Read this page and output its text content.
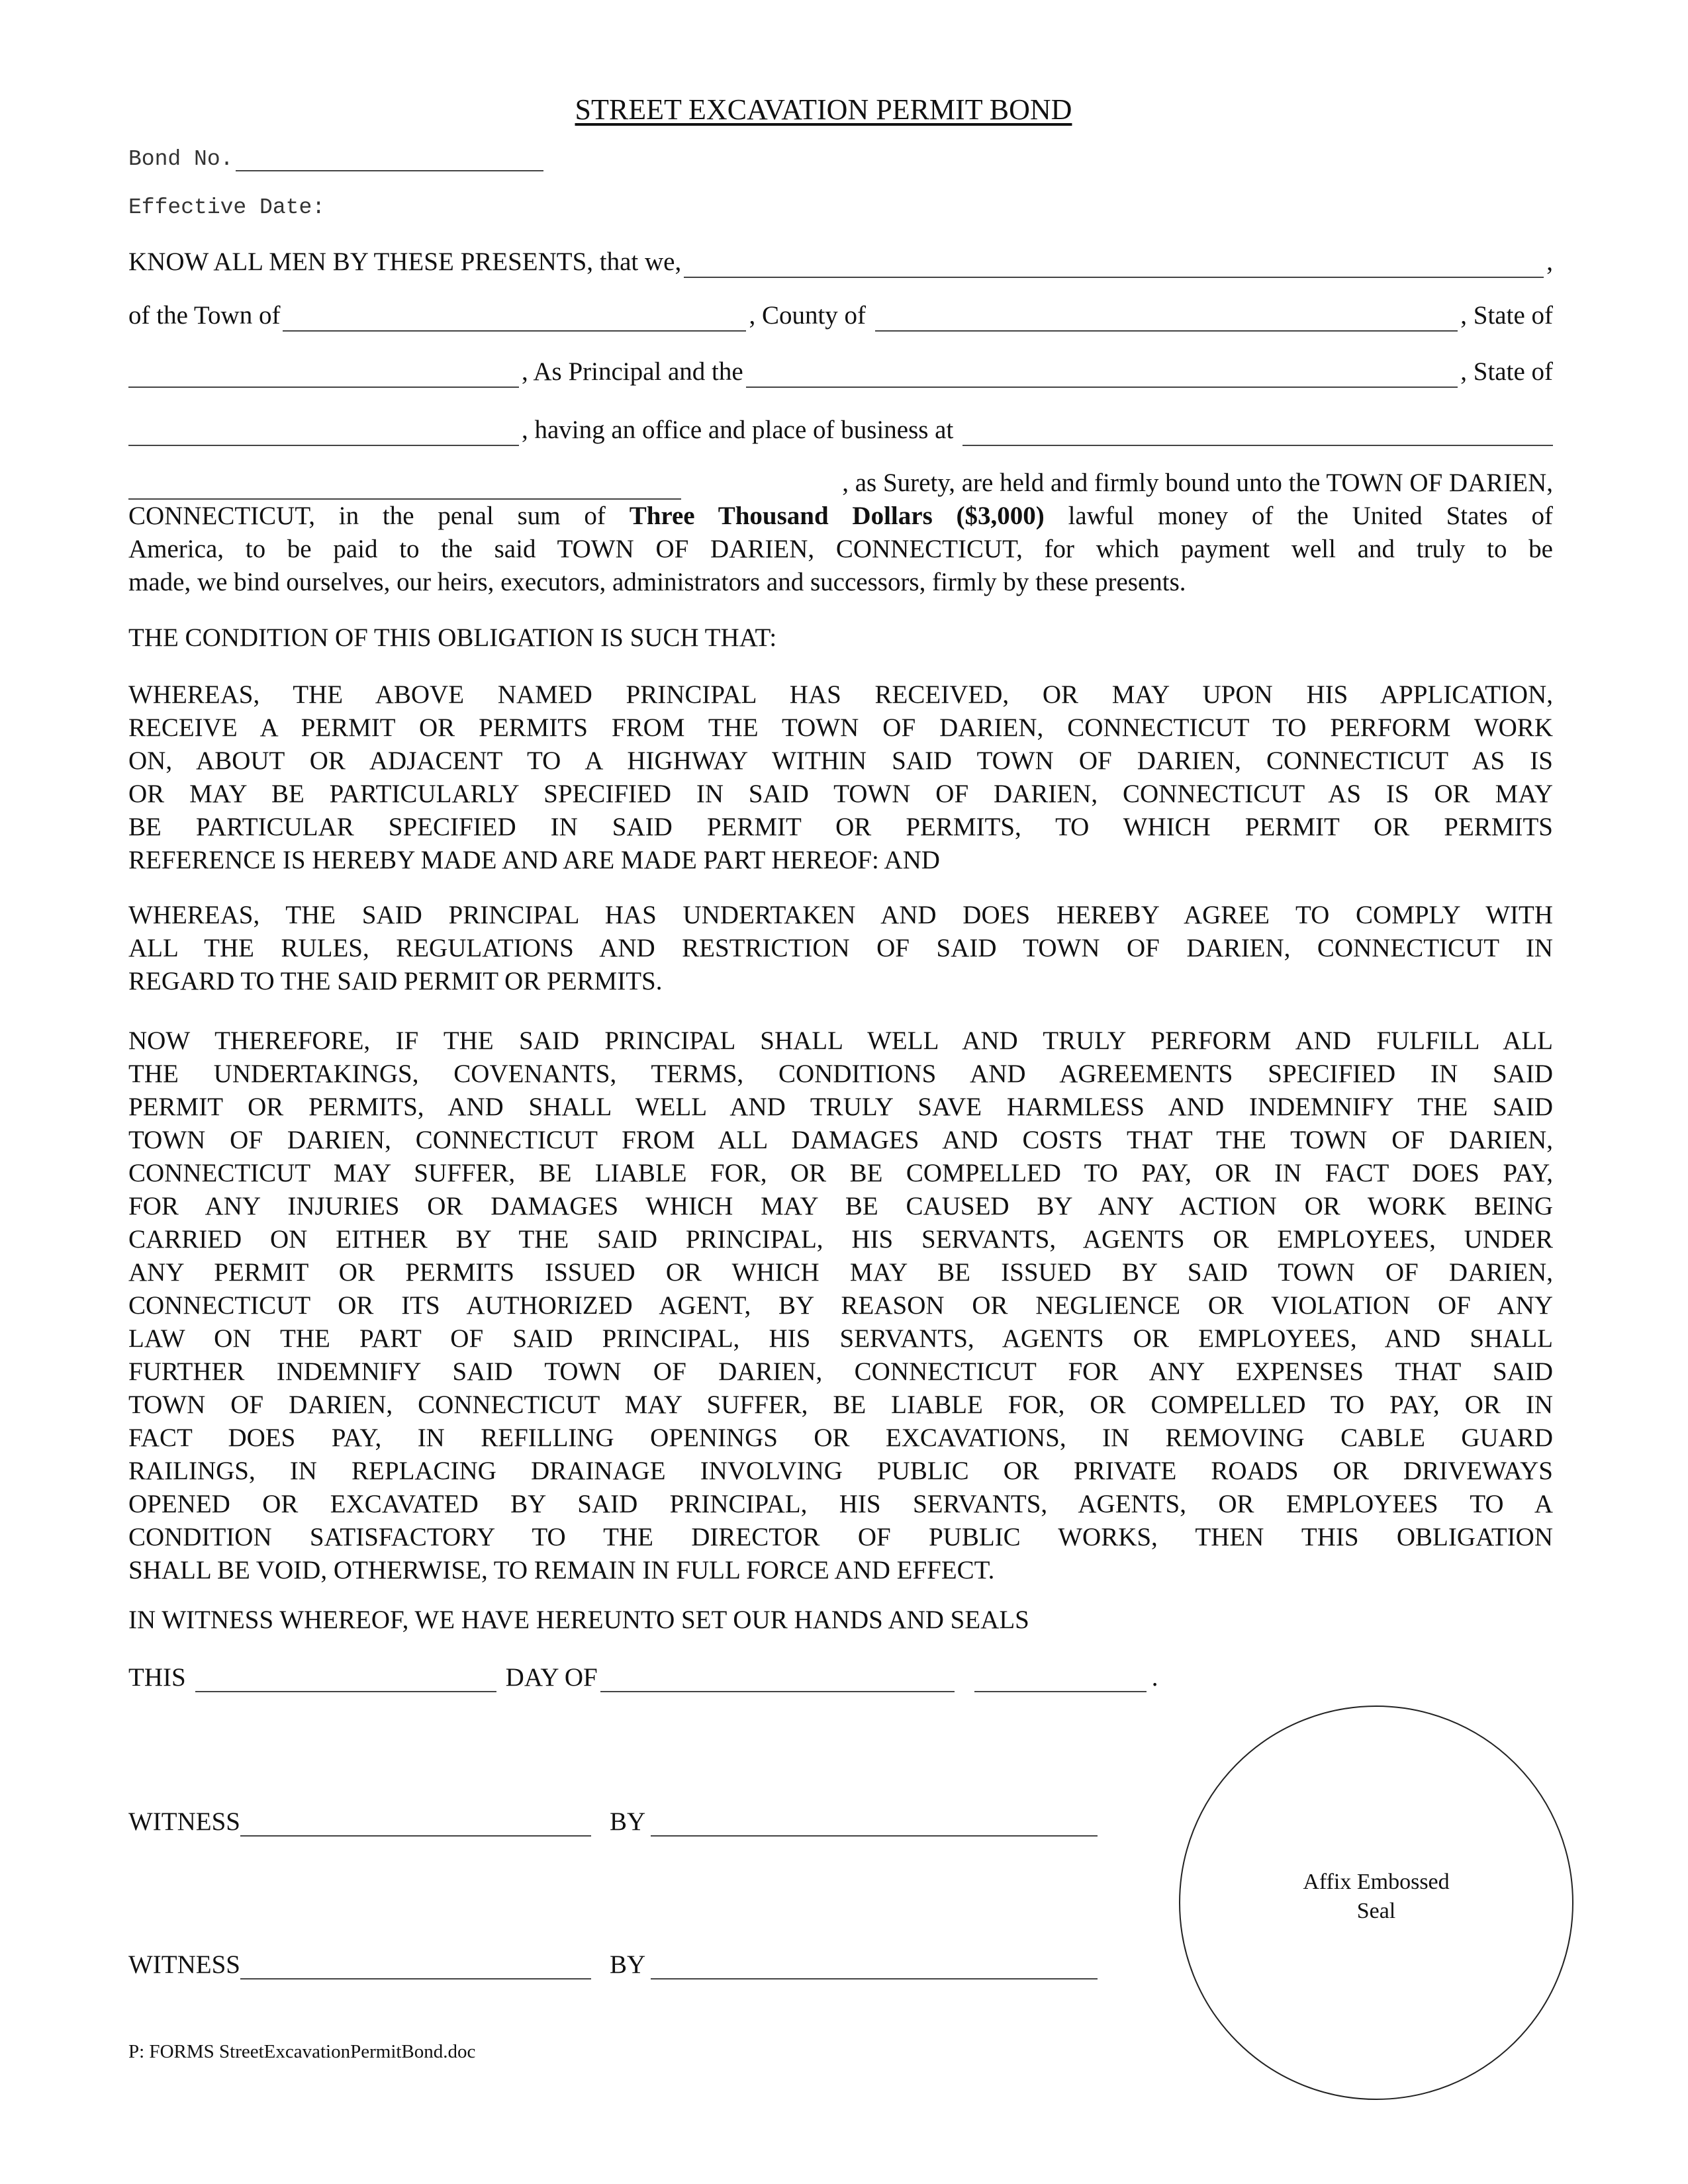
STREET EXCAVATION PERMIT BOND
Bond No.
Effective Date:
KNOW ALL MEN BY THESE PRESENTS, that we,	,
of the Town of	, County of	, State of
, As Principal and the	, State of
, having an office and place of business at
, as Surety, are held and firmly bound unto the TOWN OF DARIEN,
CONNECTICUT, in the penal sum of Three Thousand Dollars ($3,000) lawful money of the United States of
America, to be paid to the said TOWN OF DARIEN, CONNECTICUT, for which payment well and truly to be
made, we bind ourselves, our heirs, executors, administrators and successors, firmly by these presents.
THE CONDITION OF THIS OBLIGATION IS SUCH THAT:
WHEREAS, THE ABOVE NAMED PRINCIPAL HAS RECEIVED, OR MAY UPON HIS APPLICATION,
RECEIVE A PERMIT OR PERMITS FROM THE TOWN OF DARIEN, CONNECTICUT TO PERFORM WORK
ON, ABOUT OR ADJACENT TO A HIGHWAY WITHIN SAID TOWN OF DARIEN, CONNECTICUT AS IS
OR MAY BE PARTICULARLY SPECIFIED IN SAID TOWN OF DARIEN, CONNECTICUT AS IS OR MAY
BE PARTICULAR SPECIFIED IN SAID PERMIT OR PERMITS, TO WHICH PERMIT OR PERMITS
REFERENCE IS HEREBY MADE AND ARE MADE PART HEREOF: AND
WHEREAS, THE SAID PRINCIPAL HAS UNDERTAKEN AND DOES HEREBY AGREE TO COMPLY WITH
ALL THE RULES, REGULATIONS AND RESTRICTION OF SAID TOWN OF DARIEN, CONNECTICUT IN
REGARD TO THE SAID PERMIT OR PERMITS.
NOW THEREFORE, IF THE SAID PRINCIPAL SHALL WELL AND TRULY PERFORM AND FULFILL ALL
THE UNDERTAKINGS, COVENANTS, TERMS, CONDITIONS AND AGREEMENTS SPECIFIED IN SAID
PERMIT OR PERMITS, AND SHALL WELL AND TRULY SAVE HARMLESS AND INDEMNIFY THE SAID
TOWN OF DARIEN, CONNECTICUT FROM ALL DAMAGES AND COSTS THAT THE TOWN OF DARIEN,
CONNECTICUT MAY SUFFER, BE LIABLE FOR, OR BE COMPELLED TO PAY, OR IN FACT DOES PAY,
FOR ANY INJURIES OR DAMAGES WHICH MAY BE CAUSED BY ANY ACTION OR WORK BEING
CARRIED ON EITHER BY THE SAID PRINCIPAL, HIS SERVANTS, AGENTS OR EMPLOYEES, UNDER
ANY PERMIT OR PERMITS ISSUED OR WHICH MAY BE ISSUED BY SAID TOWN OF DARIEN,
CONNECTICUT OR ITS AUTHORIZED AGENT, BY REASON OR NEGLIENCE OR VIOLATION OF ANY
LAW ON THE PART OF SAID PRINCIPAL, HIS SERVANTS, AGENTS OR EMPLOYEES, AND SHALL
FURTHER INDEMNIFY SAID TOWN OF DARIEN, CONNECTICUT FOR ANY EXPENSES THAT SAID
TOWN OF DARIEN, CONNECTICUT MAY SUFFER, BE LIABLE FOR, OR COMPELLED TO PAY, OR IN
FACT DOES PAY, IN REFILLING OPENINGS OR EXCAVATIONS, IN REMOVING CABLE GUARD
RAILINGS, IN REPLACING DRAINAGE INVOLVING PUBLIC OR PRIVATE ROADS OR DRIVEWAYS
OPENED OR EXCAVATED BY SAID PRINCIPAL, HIS SERVANTS, AGENTS, OR EMPLOYEES TO A
CONDITION SATISFACTORY TO THE DIRECTOR OF PUBLIC WORKS, THEN THIS OBLIGATION
SHALL BE VOID, OTHERWISE, TO REMAIN IN FULL FORCE AND EFFECT.
IN WITNESS WHEREOF, WE HAVE HEREUNTO SET OUR HANDS AND SEALS
THIS	DAY OF	.
WITNESS	BY
WITNESS	BY
Affix Embossed
Seal
P: FORMS StreetExcavationPermitBond.doc
